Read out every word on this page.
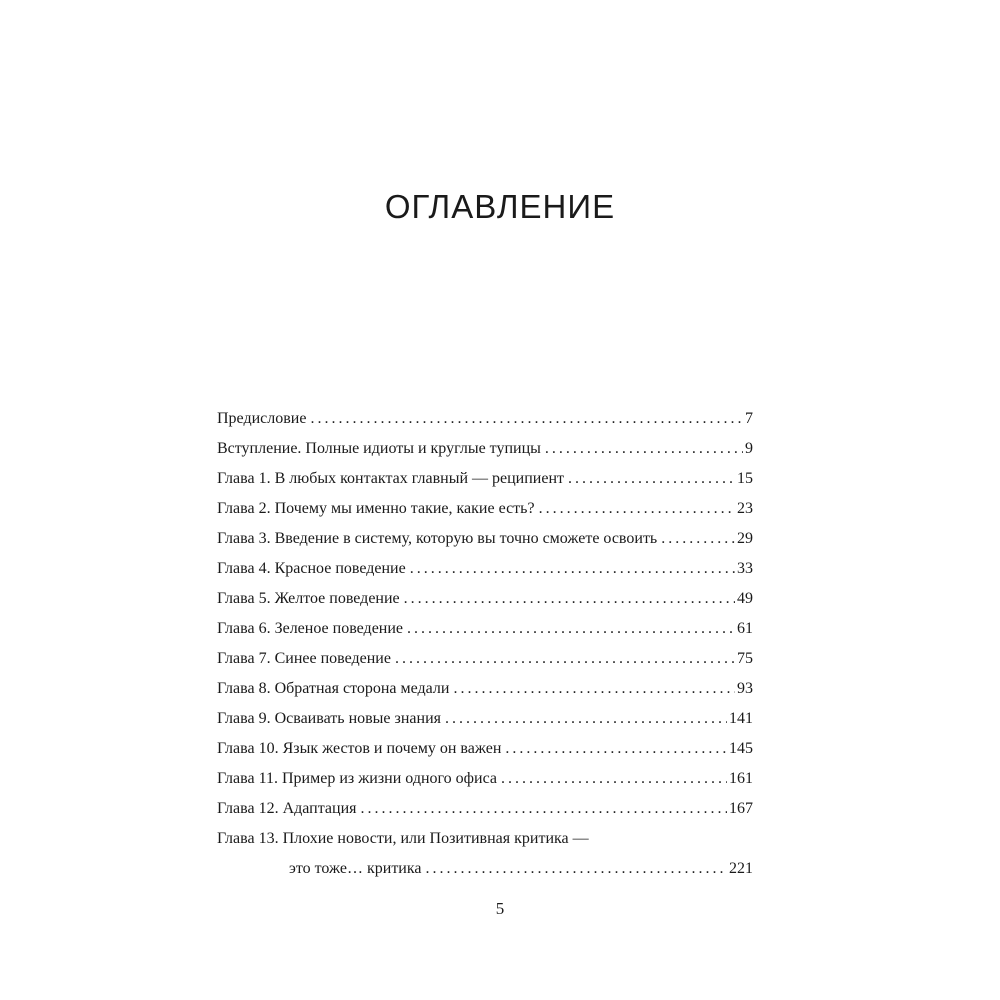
ОГЛАВЛЕНИЕ
Предисловие .....	7
Вступление. Полные идиоты и круглые тупицы .....	9
Глава 1. В любых контактах главный — реципиент .....	15
Глава 2. Почему мы именно такие, какие есть? .....	23
Глава 3. Введение в систему, которую вы точно сможете освоить .....	29
Глава 4. Красное поведение .....	33
Глава 5. Желтое поведение .....	49
Глава 6. Зеленое поведение .....	61
Глава 7. Синее поведение .....	75
Глава 8. Обратная сторона медали .....	93
Глава 9. Осваивать новые знания .....	141
Глава 10. Язык жестов и почему он важен .....	145
Глава 11. Пример из жизни одного офиса .....	161
Глава 12. Адаптация .....	167
Глава 13. Плохие новости, или Позитивная критика —
это тоже… критика .....	221
5
